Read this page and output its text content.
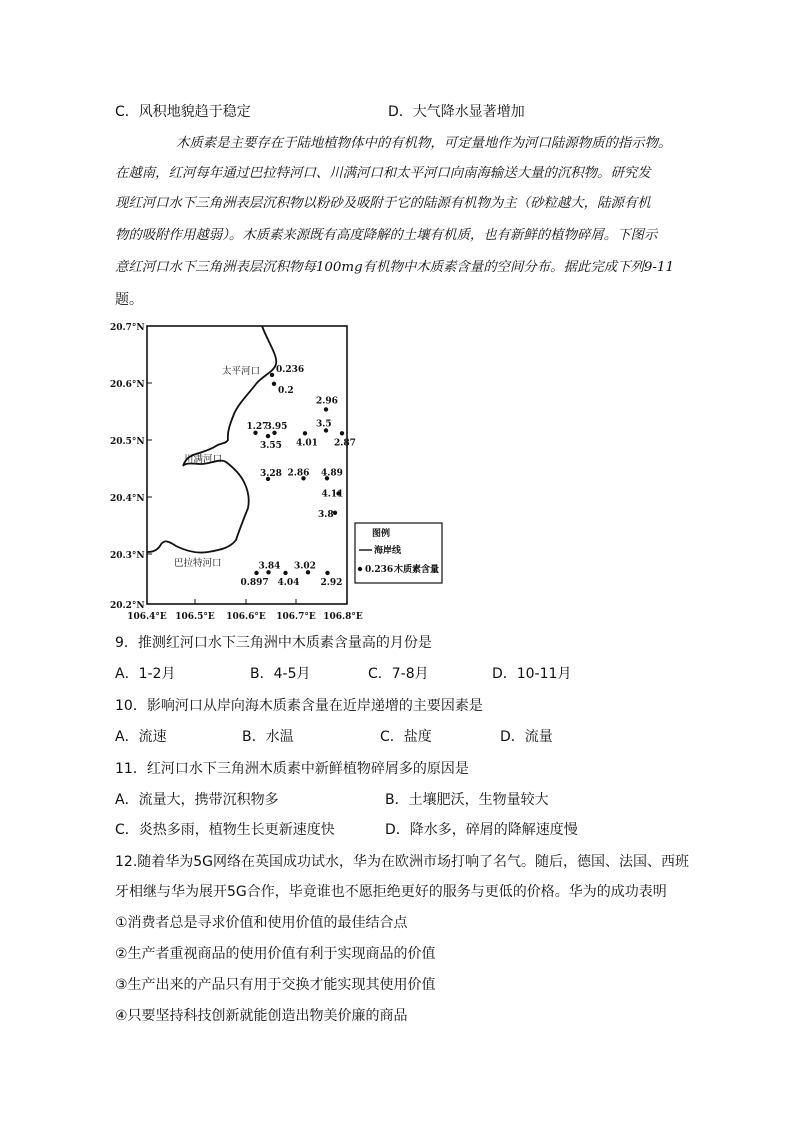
C．风积地貌趋于稳定	D．大气降水显著增加
木质素是主要存在于陆地植物体中的有机物，可定量地作为河口陆源物质的指示物。
在越南，红河每年通过巴拉特河口、川满河口和太平河口向南海输送大量的沉积物。研究发
现红河口水下三角洲表层沉积物以粉砂及吸附于它的陆源有机物为主（砂粒越大，陆源有机
物的吸附作用越弱）。木质素来源既有高度降解的土壤有机质，也有新鲜的植物碎屑。下图示
意红河口水下三角洲表层沉积物每100mg有机物中木质素含量的空间分布。据此完成下列9-11
题。
20.7°N
20.6°N
20.5°N
20.4°N
20.3°N
20.2°N
106.4°E 106.5°E 106.6°E 106.7°E 106.8°E
太平河口
川满河口
巴拉特河口
0.236
0.2
2.96
1.27
3.95	3.5
3.55 4.01 2.87
3.28 2.86 4.89
4.11
3.8
3.84
0.897 4.04
3.02
2.92
图例
海岸线
0.236 木质素含量
9．推测红河口水下三角洲中木质素含量高的月份是
A．1-2月	B．4-5月	C．7-8月	D．10-11月
10．影响河口从岸向海木质素含量在近岸递增的主要因素是
A．流速	B．水温	C．盐度	D．流量
11．红河口水下三角洲木质素中新鲜植物碎屑多的原因是
A．流量大，携带沉积物多	B．土壤肥沃，生物量较大
C．炎热多雨，植物生长更新速度快	D．降水多，碎屑的降解速度慢
12.随着华为5G网络在英国成功试水，华为在欧洲市场打响了名气。随后，德国、法国、西班
牙相继与华为展开5G合作，毕竟谁也不愿拒绝更好的服务与更低的价格。华为的成功表明
①消费者总是寻求价值和使用价值的最佳结合点
②生产者重视商品的使用价值有利于实现商品的价值
③生产出来的产品只有用于交换才能实现其使用价值
④只要坚持科技创新就能创造出物美价廉的商品
